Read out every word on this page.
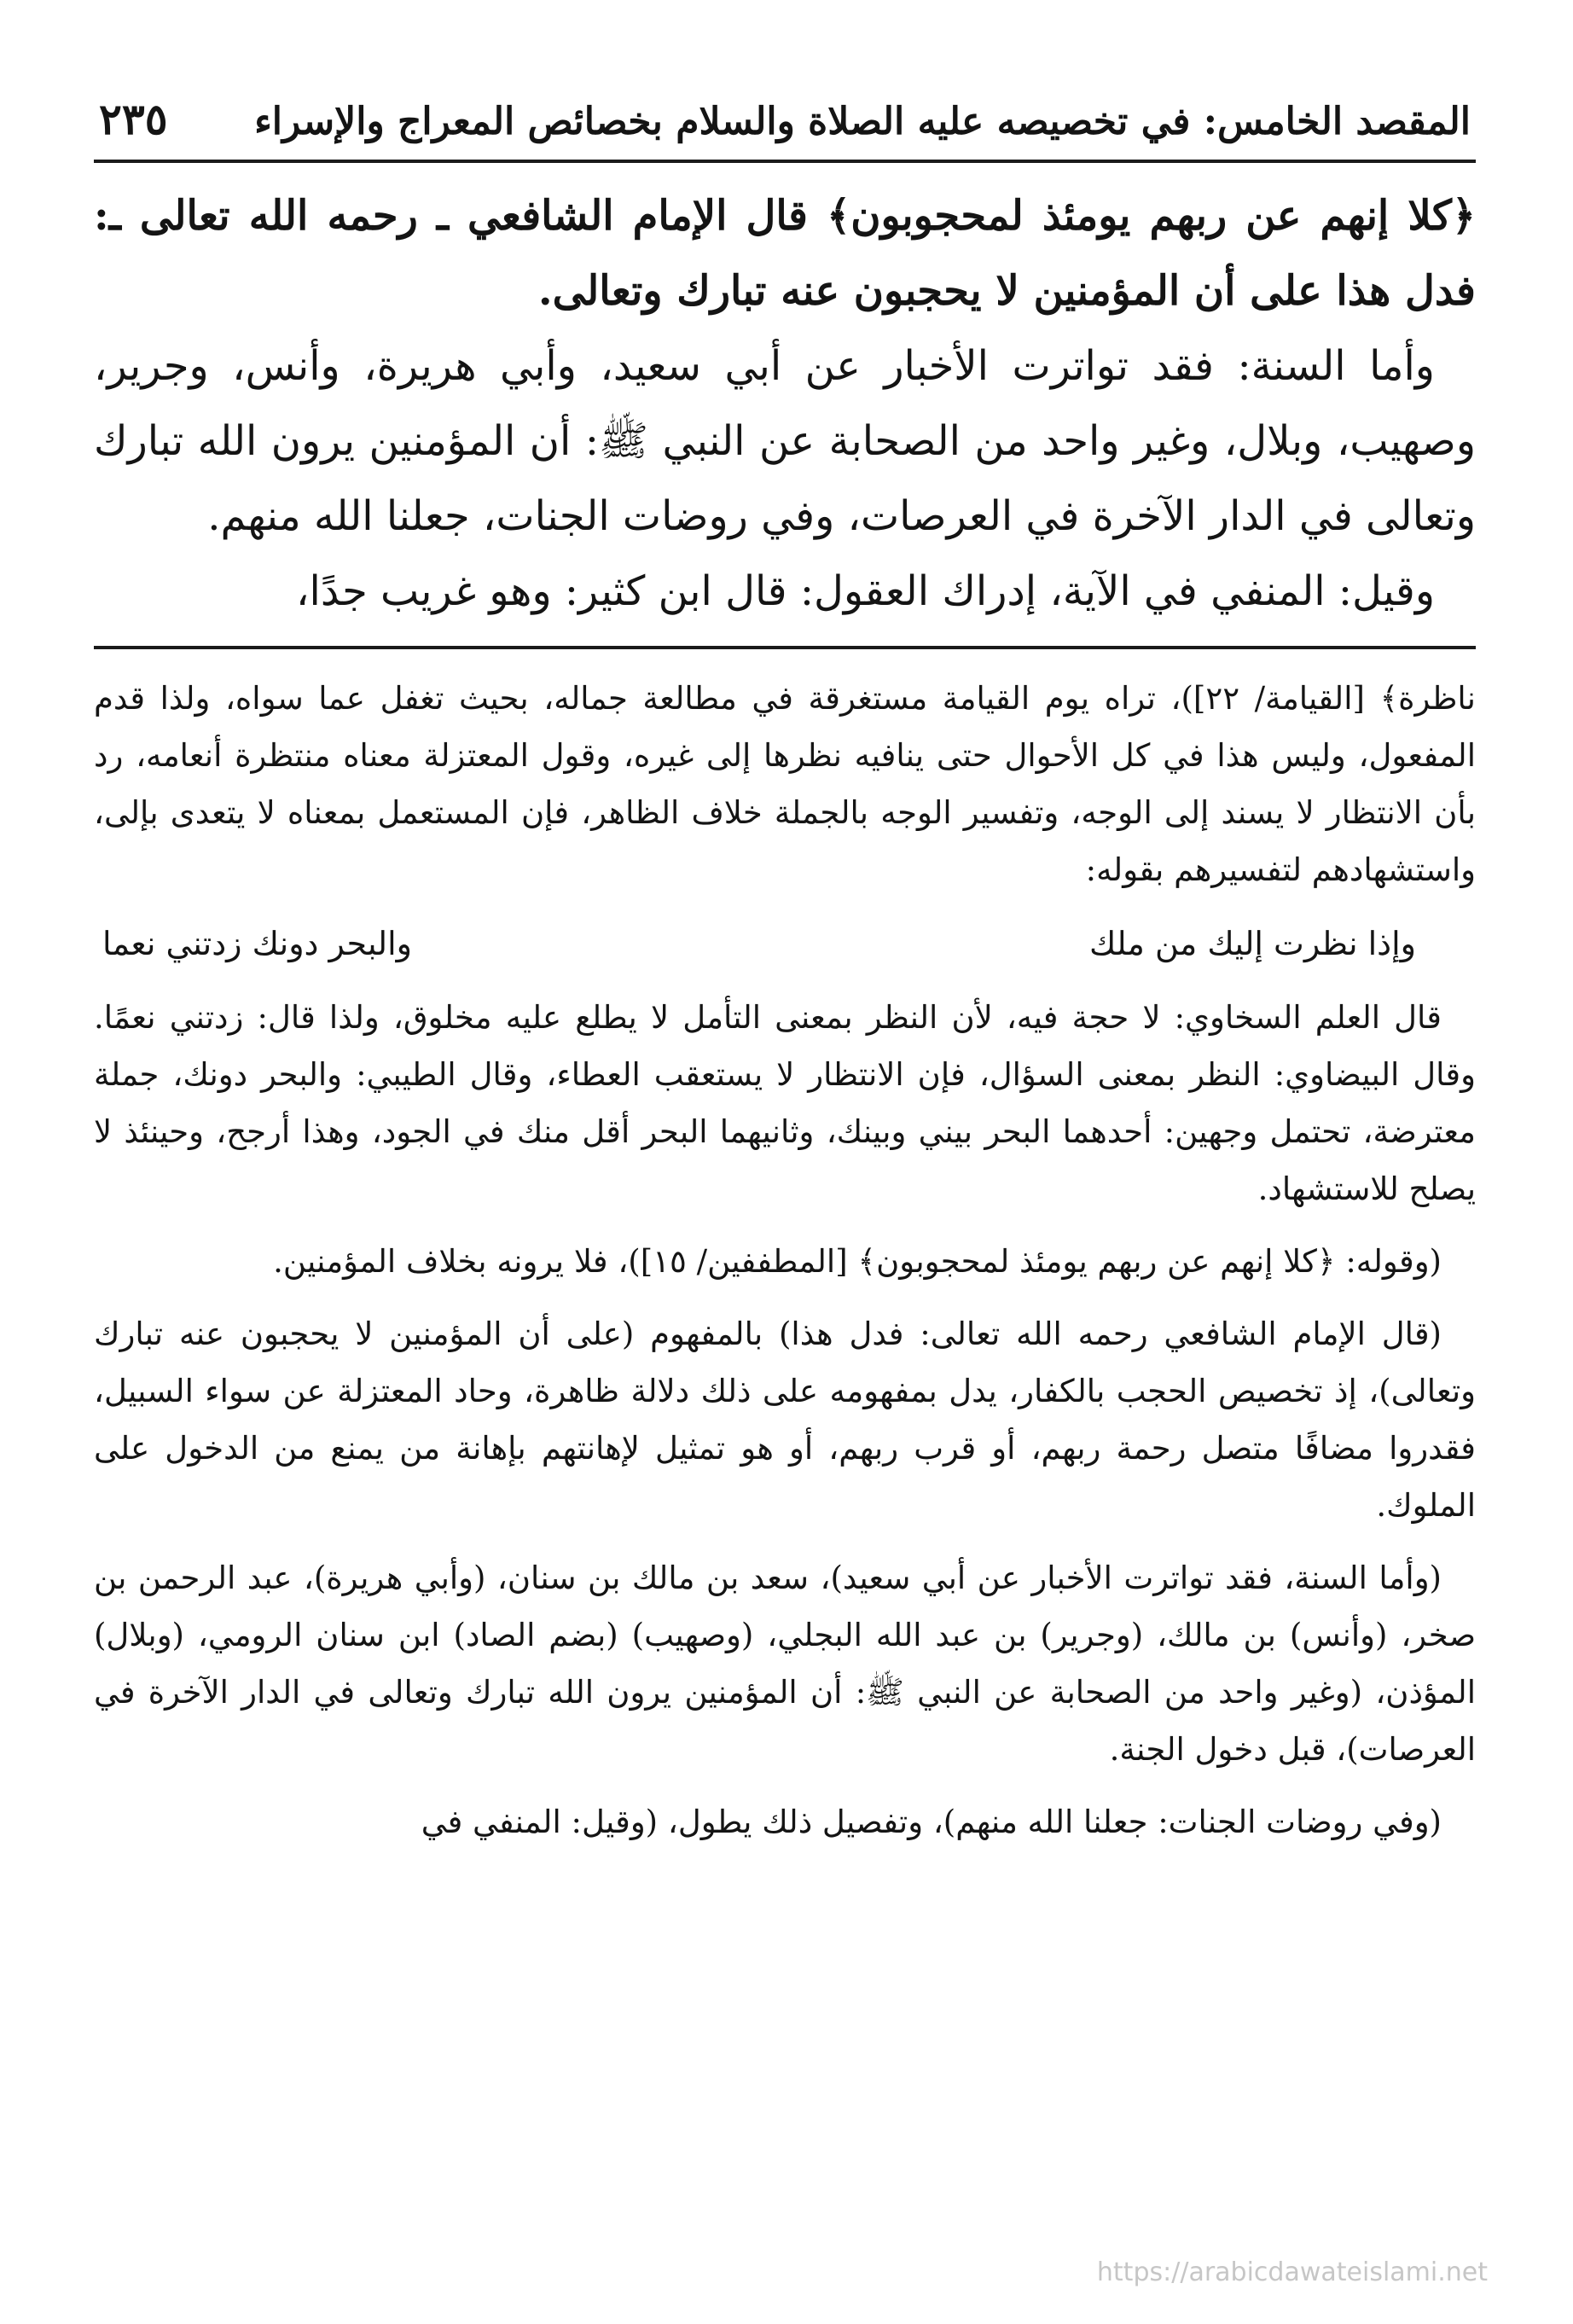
المقصد الخامس: في تخصيصه عليه الصلاة والسلام بخصائص المعراج والإسراء
٢٣٥

﴿كلا إنهم عن ربهم يومئذ لمحجوبون﴾ قال الإمام الشافعي ـ رحمه الله تعالى ـ: فدل هذا على أن المؤمنين لا يحجبون عنه تبارك وتعالى.

وأما السنة: فقد تواترت الأخبار عن أبي سعيد، وأبي هريرة، وأنس، وجرير، وصهيب، وبلال، وغير واحد من الصحابة عن النبي ﷺ: أن المؤمنين يرون الله تبارك وتعالى في الدار الآخرة في العرصات، وفي روضات الجنات، جعلنا الله منهم.

وقيل: المنفي في الآية، إدراك العقول: قال ابن كثير: وهو غريب جدًا،

ناظرة﴾ [القيامة/ ٢٢])، تراه يوم القيامة مستغرقة في مطالعة جماله، بحيث تغفل عما سواه، ولذا قدم المفعول، وليس هذا في كل الأحوال حتى ينافيه نظرها إلى غيره، وقول المعتزلة معناه منتظرة أنعامه، رد بأن الانتظار لا يسند إلى الوجه، وتفسير الوجه بالجملة خلاف الظاهر، فإن المستعمل بمعناه لا يتعدى بإلى، واستشهادهم لتفسيرهم بقوله:

وإذا نظرت إليك من ملك
والبحر دونك زدتني نعما

قال العلم السخاوي: لا حجة فيه، لأن النظر بمعنى التأمل لا يطلع عليه مخلوق، ولذا قال: زدتني نعمًا. وقال البيضاوي: النظر بمعنى السؤال، فإن الانتظار لا يستعقب العطاء، وقال الطيبي: والبحر دونك، جملة معترضة، تحتمل وجهين: أحدهما البحر بيني وبينك، وثانيهما البحر أقل منك في الجود، وهذا أرجح، وحينئذ لا يصلح للاستشهاد.

(وقوله: ﴿كلا إنهم عن ربهم يومئذ لمحجوبون﴾ [المطففين/ ١٥])، فلا يرونه بخلاف المؤمنين.

(قال الإمام الشافعي رحمه الله تعالى: فدل هذا) بالمفهوم (على أن المؤمنين لا يحجبون عنه تبارك وتعالى)، إذ تخصيص الحجب بالكفار، يدل بمفهومه على ذلك دلالة ظاهرة، وحاد المعتزلة عن سواء السبيل، فقدروا مضافًا متصل رحمة ربهم، أو قرب ربهم، أو هو تمثيل لإهانتهم بإهانة من يمنع من الدخول على الملوك.

(وأما السنة، فقد تواترت الأخبار عن أبي سعيد)، سعد بن مالك بن سنان، (وأبي هريرة)، عبد الرحمن بن صخر، (وأنس) بن مالك، (وجرير) بن عبد الله البجلي، (وصهيب) (بضم الصاد) ابن سنان الرومي، (وبلال) المؤذن، (وغير واحد من الصحابة عن النبي ﷺ: أن المؤمنين يرون الله تبارك وتعالى في الدار الآخرة في العرصات)، قبل دخول الجنة.

(وفي روضات الجنات: جعلنا الله منهم)، وتفصيل ذلك يطول، (وقيل: المنفي في

https://arabicdawateislami.net
